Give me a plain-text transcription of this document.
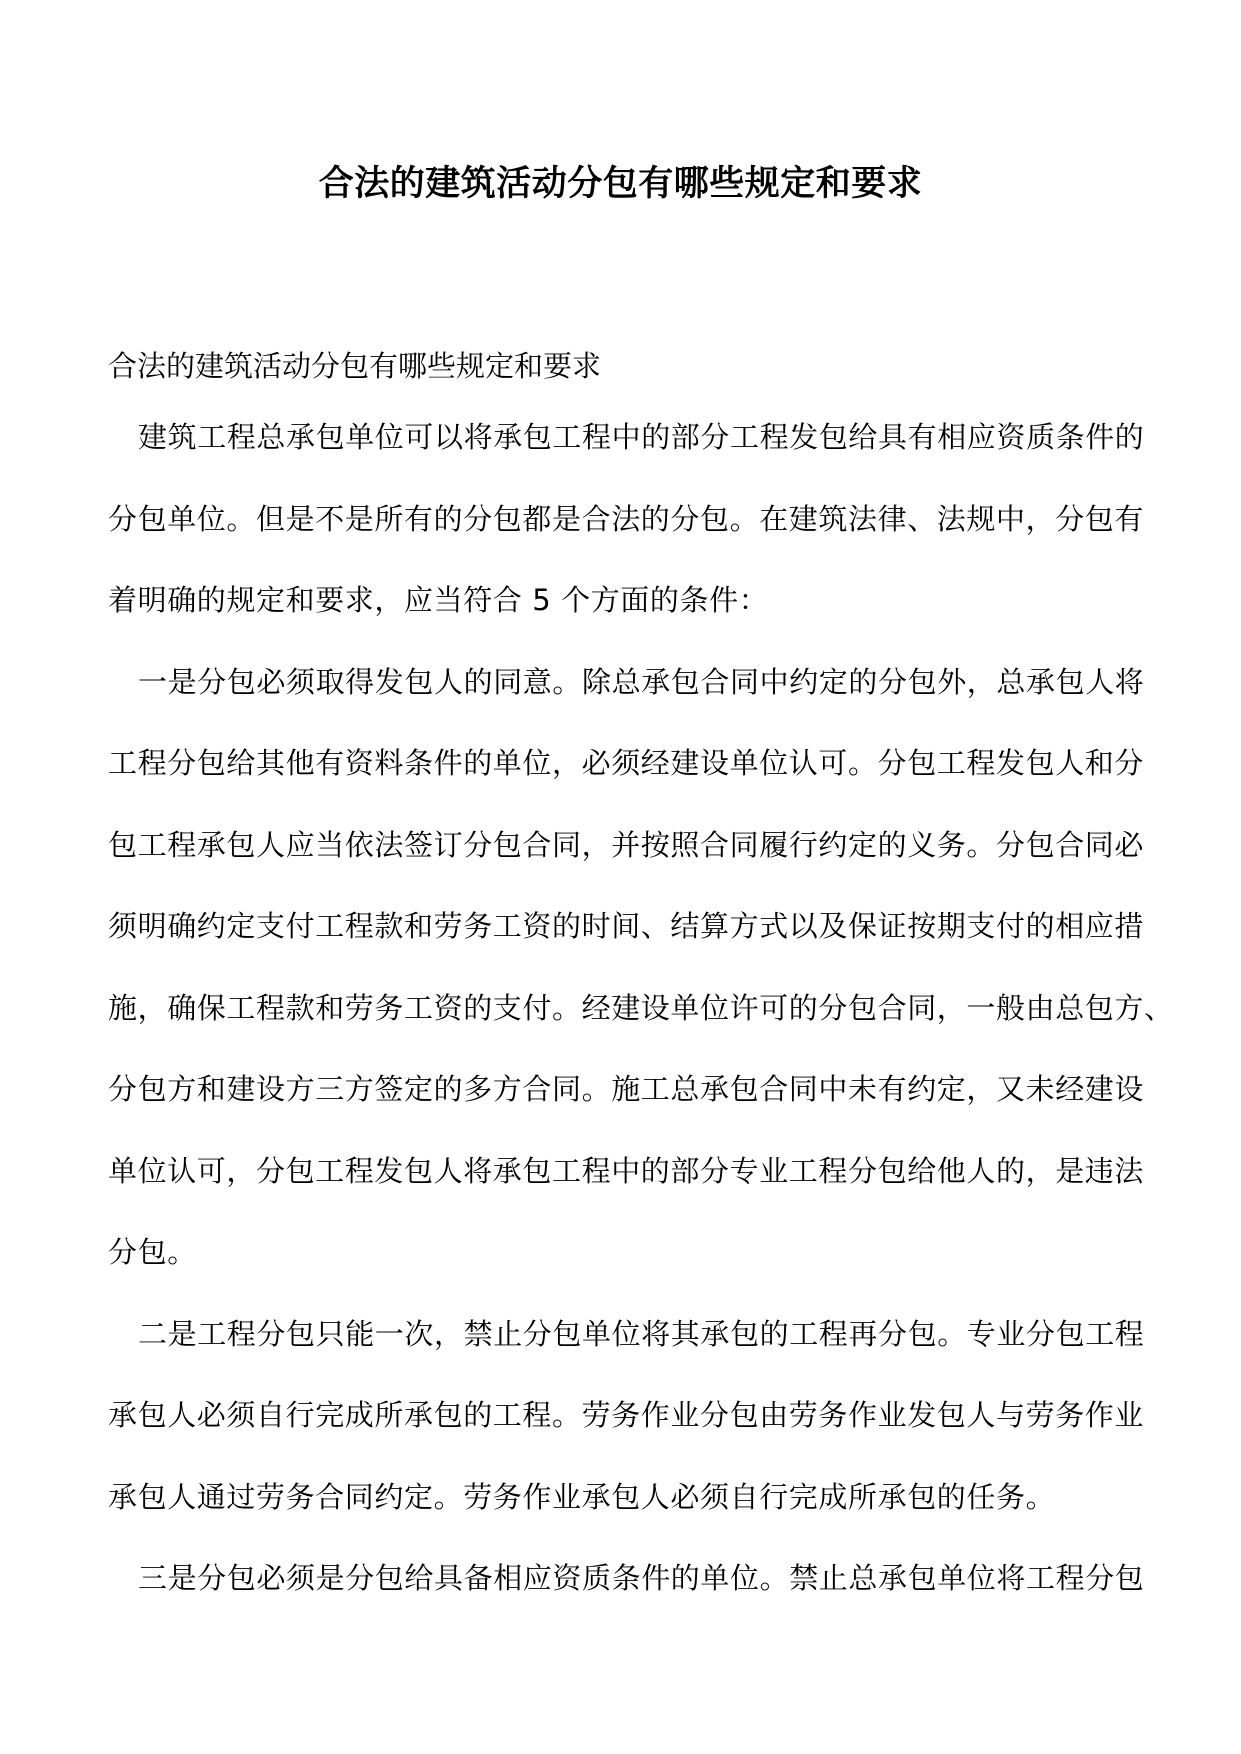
合法的建筑活动分包有哪些规定和要求

合法的建筑活动分包有哪些规定和要求

建筑工程总承包单位可以将承包工程中的部分工程发包给具有相应资质条件的
分包单位。但是不是所有的分包都是合法的分包。在建筑法律、法规中，分包有
着明确的规定和要求，应当符合 5 个方面的条件：
一是分包必须取得发包人的同意。除总承包合同中约定的分包外，总承包人将
工程分包给其他有资料条件的单位，必须经建设单位认可。分包工程发包人和分
包工程承包人应当依法签订分包合同，并按照合同履行约定的义务。分包合同必
须明确约定支付工程款和劳务工资的时间、结算方式以及保证按期支付的相应措
施，确保工程款和劳务工资的支付。经建设单位许可的分包合同，一般由总包方、
分包方和建设方三方签定的多方合同。施工总承包合同中未有约定，又未经建设
单位认可，分包工程发包人将承包工程中的部分专业工程分包给他人的，是违法
分包。
二是工程分包只能一次，禁止分包单位将其承包的工程再分包。专业分包工程
承包人必须自行完成所承包的工程。劳务作业分包由劳务作业发包人与劳务作业
承包人通过劳务合同约定。劳务作业承包人必须自行完成所承包的任务。
三是分包必须是分包给具备相应资质条件的单位。禁止总承包单位将工程分包
